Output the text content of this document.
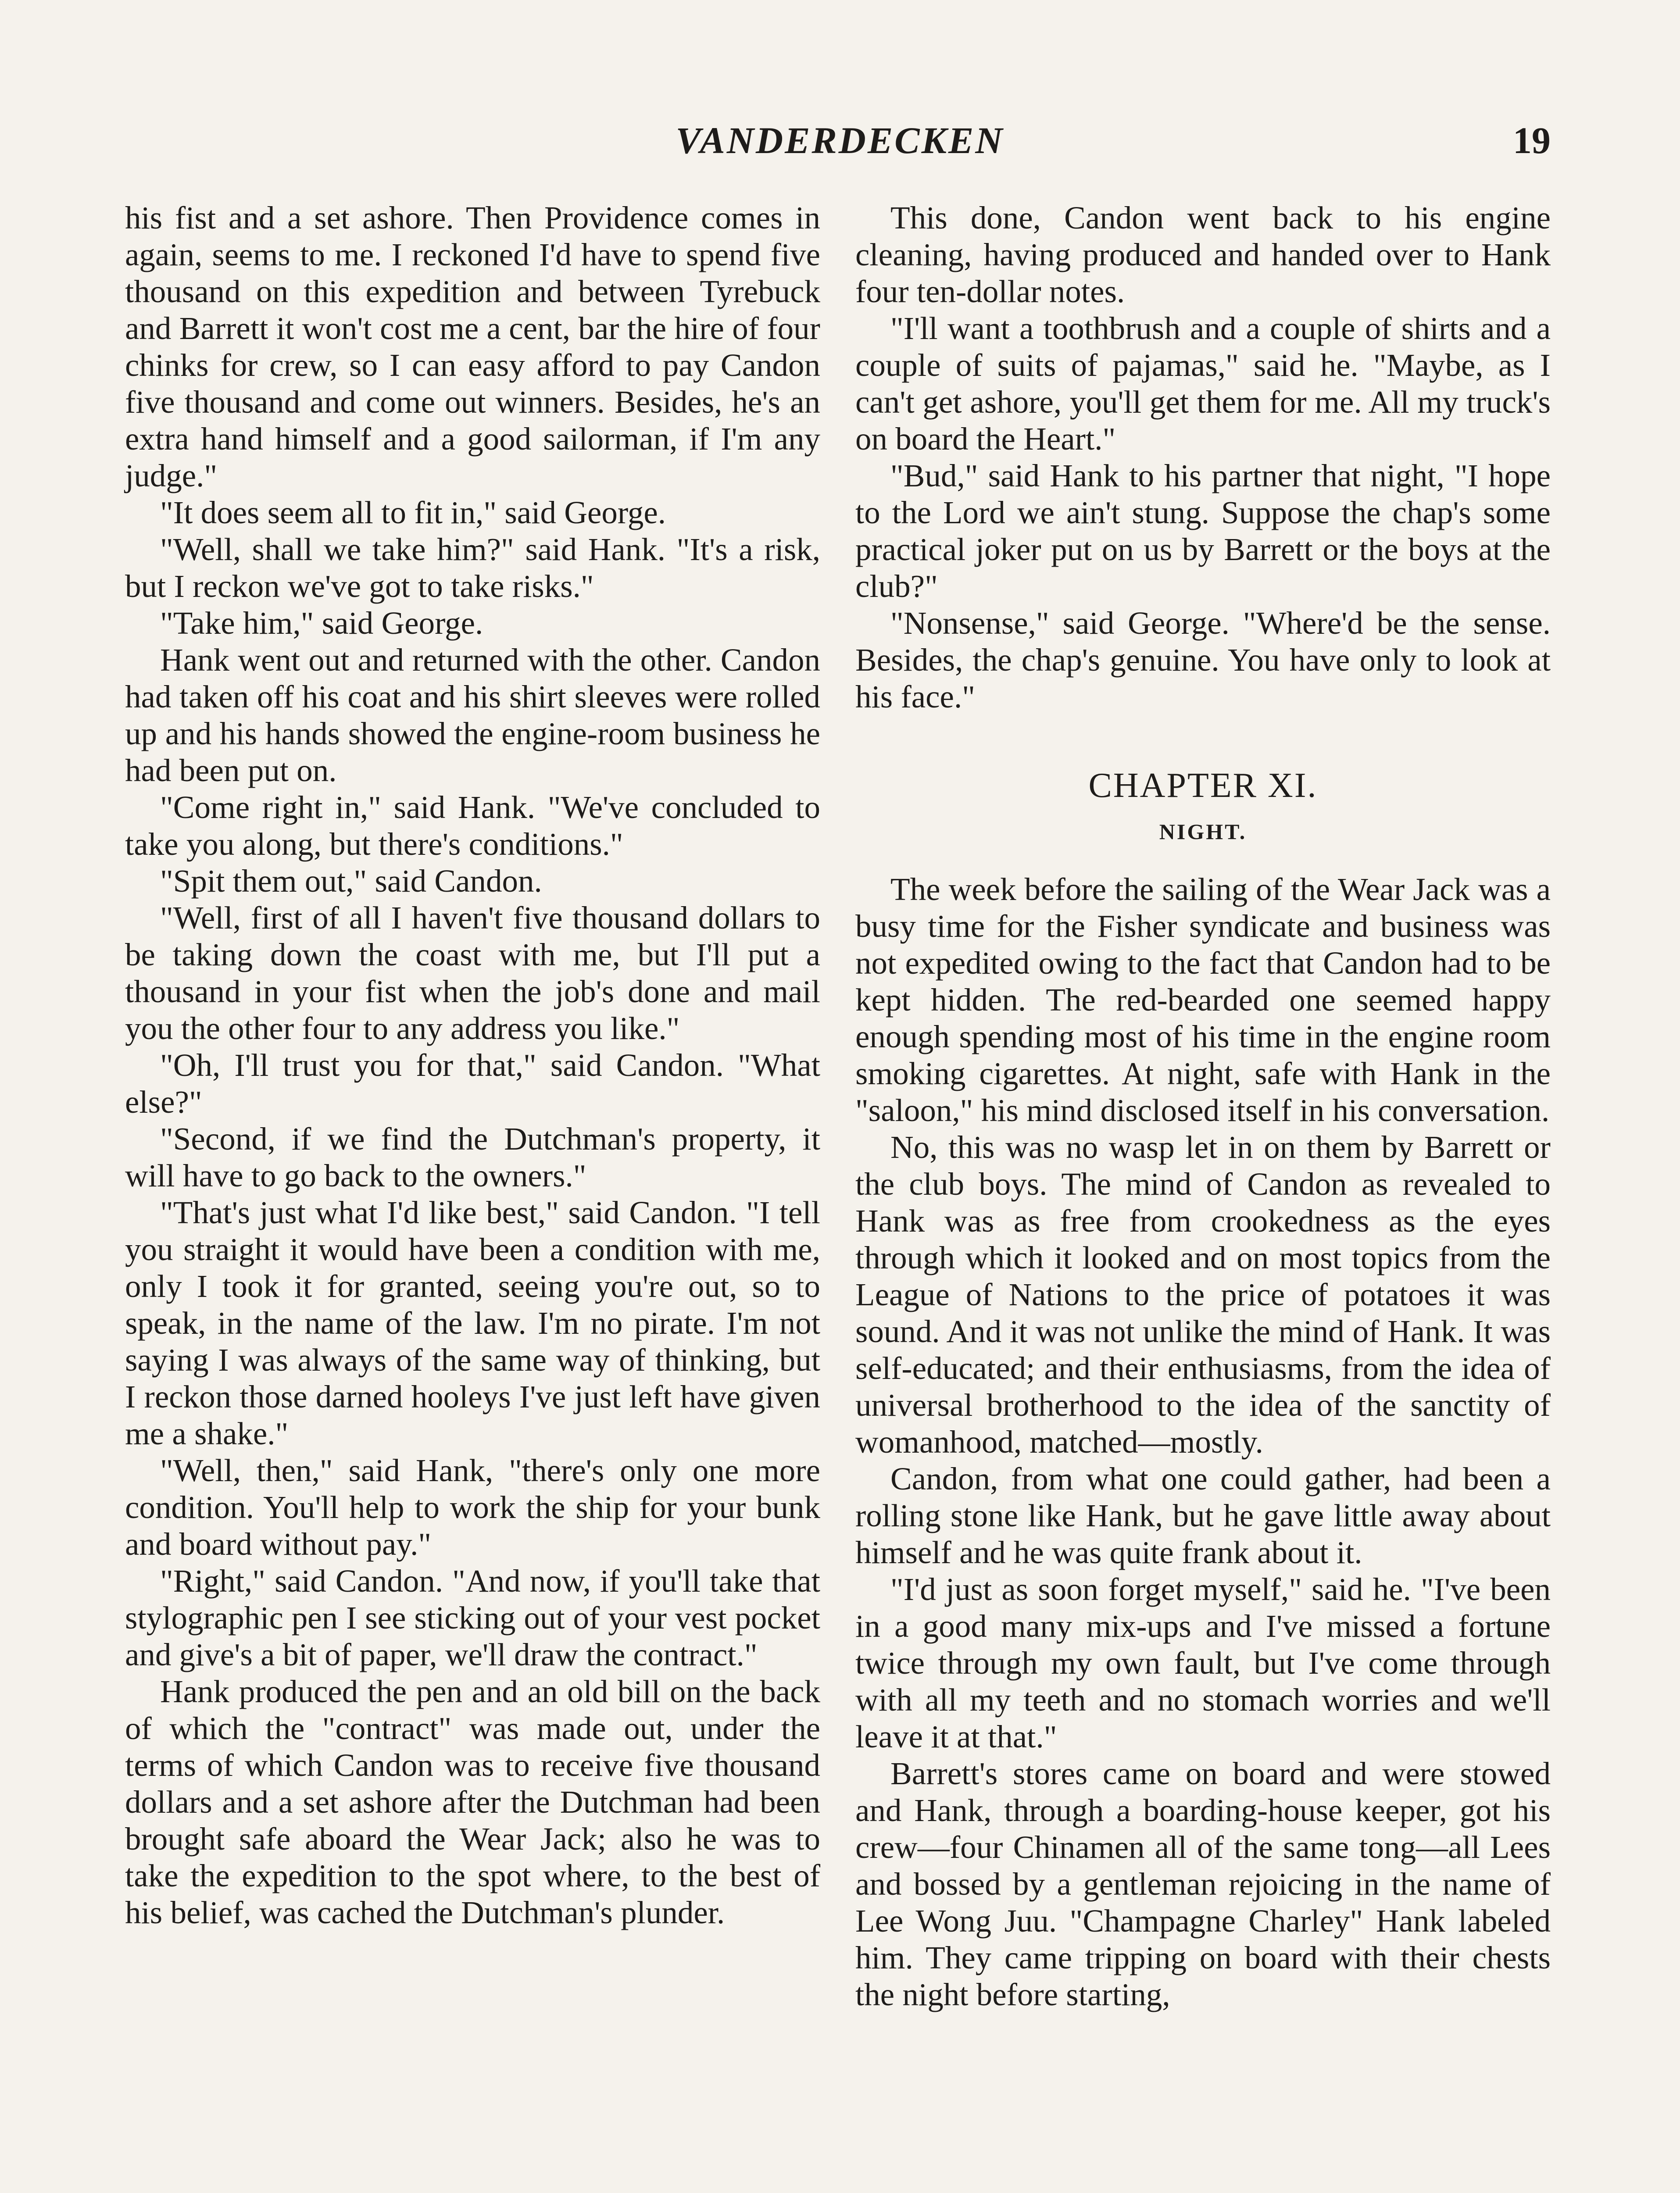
VANDERDECKEN	19

his fist and a set ashore. Then Providence comes in again, seems to me. I reckoned I'd have to spend five thousand on this expedition and between Tyrebuck and Barrett it won't cost me a cent, bar the hire of four chinks for crew, so I can easy afford to pay Candon five thousand and come out winners. Besides, he's an extra hand himself and a good sailorman, if I'm any judge."

"It does seem all to fit in," said George.

"Well, shall we take him?" said Hank. "It's a risk, but I reckon we've got to take risks."

"Take him," said George.

Hank went out and returned with the other. Candon had taken off his coat and his shirt sleeves were rolled up and his hands showed the engine-room business he had been put on.

"Come right in," said Hank. "We've concluded to take you along, but there's conditions."

"Spit them out," said Candon.

"Well, first of all I haven't five thousand dollars to be taking down the coast with me, but I'll put a thousand in your fist when the job's done and mail you the other four to any address you like."

"Oh, I'll trust you for that," said Candon. "What else?"

"Second, if we find the Dutchman's property, it will have to go back to the owners."

"That's just what I'd like best," said Candon. "I tell you straight it would have been a condition with me, only I took it for granted, seeing you're out, so to speak, in the name of the law. I'm no pirate. I'm not saying I was always of the same way of thinking, but I reckon those darned hooleys I've just left have given me a shake."

"Well, then," said Hank, "there's only one more condition. You'll help to work the ship for your bunk and board without pay."

"Right," said Candon. "And now, if you'll take that stylographic pen I see sticking out of your vest pocket and give's a bit of paper, we'll draw the contract."

Hank produced the pen and an old bill on the back of which the "contract" was made out, under the terms of which Candon was to receive five thousand dollars and a set ashore after the Dutchman had been brought safe aboard the Wear Jack; also he was to take the expedition to the spot where, to the best of his belief, was cached the Dutchman's plunder.

This done, Candon went back to his engine cleaning, having produced and handed over to Hank four ten-dollar notes.

"I'll want a toothbrush and a couple of shirts and a couple of suits of pajamas," said he. "Maybe, as I can't get ashore, you'll get them for me. All my truck's on board the Heart."

"Bud," said Hank to his partner that night, "I hope to the Lord we ain't stung. Suppose the chap's some practical joker put on us by Barrett or the boys at the club?"

"Nonsense," said George. "Where'd be the sense. Besides, the chap's genuine. You have only to look at his face."

CHAPTER XI.
NIGHT.

The week before the sailing of the Wear Jack was a busy time for the Fisher syndicate and business was not expedited owing to the fact that Candon had to be kept hidden. The red-bearded one seemed happy enough spending most of his time in the engine room smoking cigarettes. At night, safe with Hank in the "saloon," his mind disclosed itself in his conversation.

No, this was no wasp let in on them by Barrett or the club boys. The mind of Candon as revealed to Hank was as free from crookedness as the eyes through which it looked and on most topics from the League of Nations to the price of potatoes it was sound. And it was not unlike the mind of Hank. It was self-educated; and their enthusiasms, from the idea of universal brotherhood to the idea of the sanctity of womanhood, matched—mostly.

Candon, from what one could gather, had been a rolling stone like Hank, but he gave little away about himself and he was quite frank about it.

"I'd just as soon forget myself," said he. "I've been in a good many mix-ups and I've missed a fortune twice through my own fault, but I've come through with all my teeth and no stomach worries and we'll leave it at that."

Barrett's stores came on board and were stowed and Hank, through a boarding-house keeper, got his crew—four Chinamen all of the same tong—all Lees and bossed by a gentleman rejoicing in the name of Lee Wong Juu. "Champagne Charley" Hank labeled him. They came tripping on board with their chests the night before starting,
